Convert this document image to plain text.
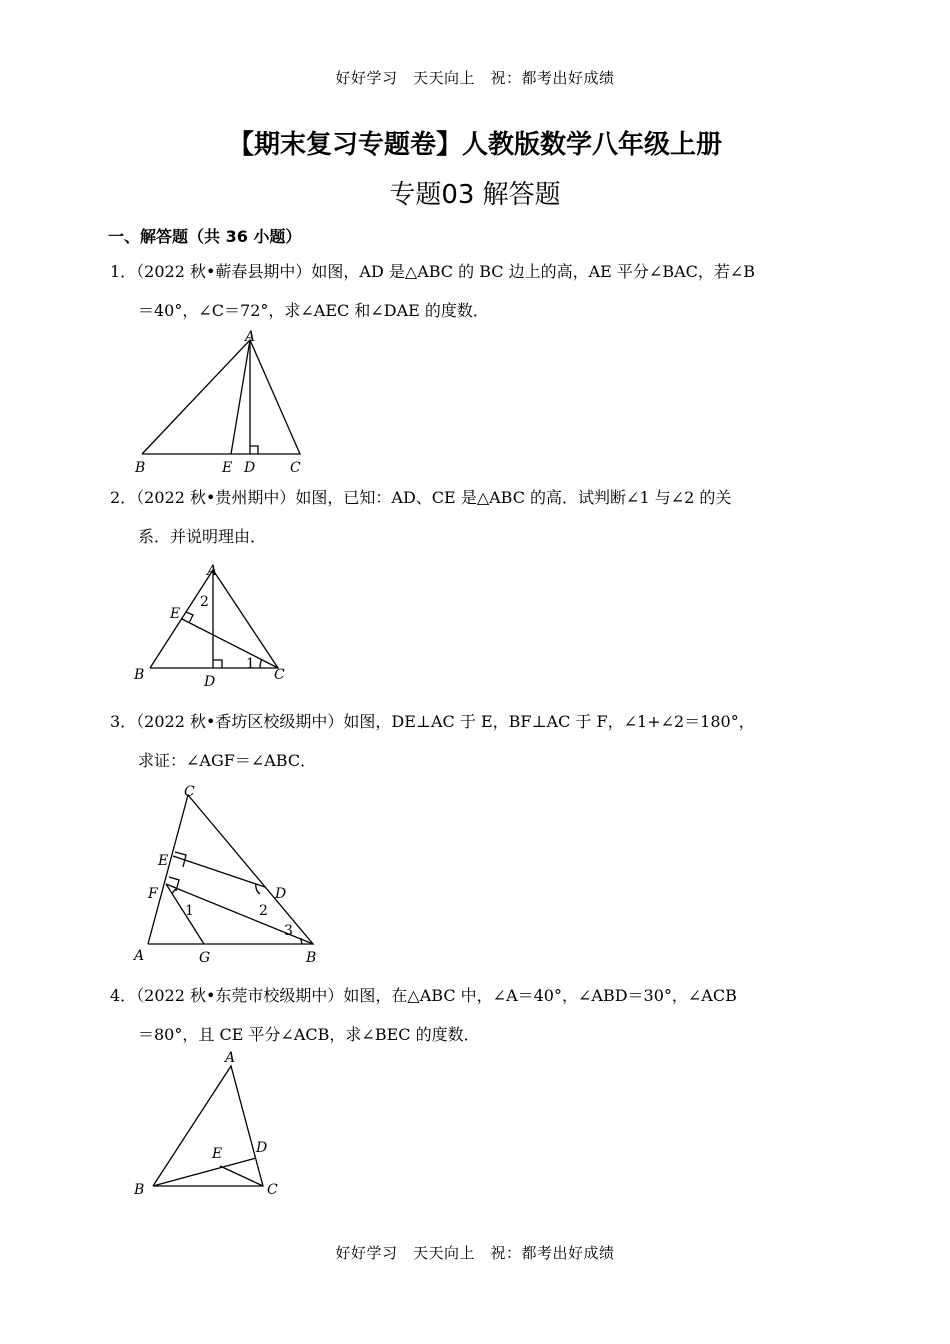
好好学习　天天向上　祝：都考出好成绩
【期末复习专题卷】人教版数学八年级上册
专题03 解答题
一、解答题（共 36 小题）
1．（2022 秋•蕲春县期中）如图，AD 是△ABC 的 BC 边上的高，AE 平分∠BAC，若∠B
＝40°，∠C＝72°，求∠AEC 和∠DAE 的度数．
A
B	E D C
2．（2022 秋•贵州期中）如图，已知：AD、CE 是△ABC 的高．试判断∠1 与∠2 的关
系．并说明理由．
A
E
B	D	C
2
1
3．（2022 秋•香坊区校级期中）如图，DE⊥AC 于 E，BF⊥AC 于 F，∠1+∠2＝180°，
求证：∠AGF＝∠ABC．
C
E
F	D
A	G	B
1	2
3
4．（2022 秋•东莞市校级期中）如图，在△ABC 中，∠A＝40°，∠ABD＝30°，∠ACB
＝80°，且 CE 平分∠ACB，求∠BEC 的度数．
A
E D
B	C
好好学习　天天向上　祝：都考出好成绩
